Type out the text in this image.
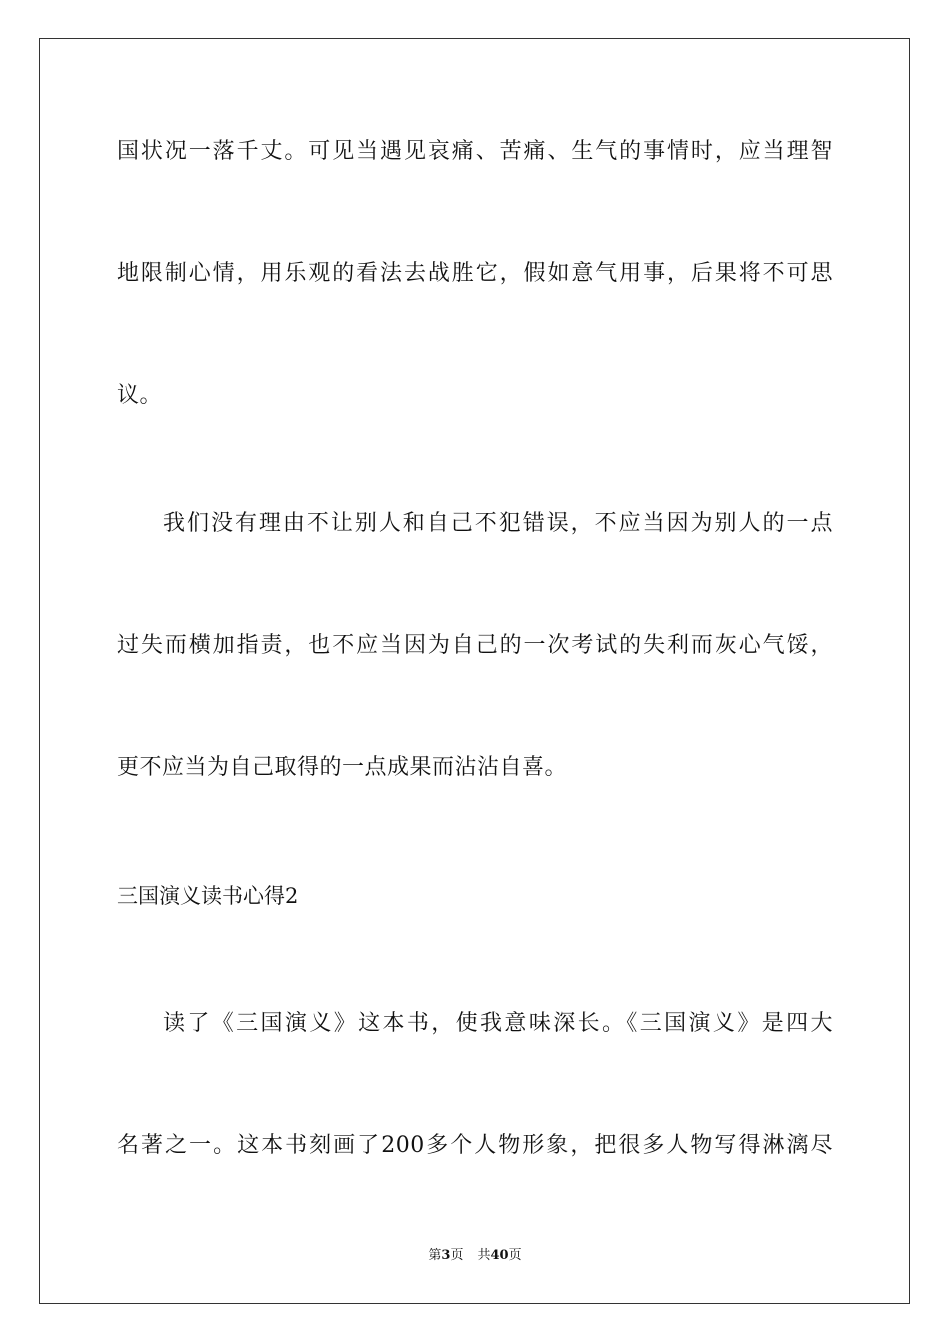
国状况一落千丈。可见当遇见哀痛、苦痛、生气的事情时，应当理智
地限制心情，用乐观的看法去战胜它，假如意气用事，后果将不可思
议。
我们没有理由不让别人和自己不犯错误，不应当因为别人的一点
过失而横加指责，也不应当因为自己的一次考试的失利而灰心气馁，
更不应当为自己取得的一点成果而沾沾自喜。
三国演义读书心得2
读了《三国演义》这本书，使我意味深长。《三国演义》是四大
名著之一。这本书刻画了200多个人物形象，把很多人物写得淋漓尽
第3页 共40页
